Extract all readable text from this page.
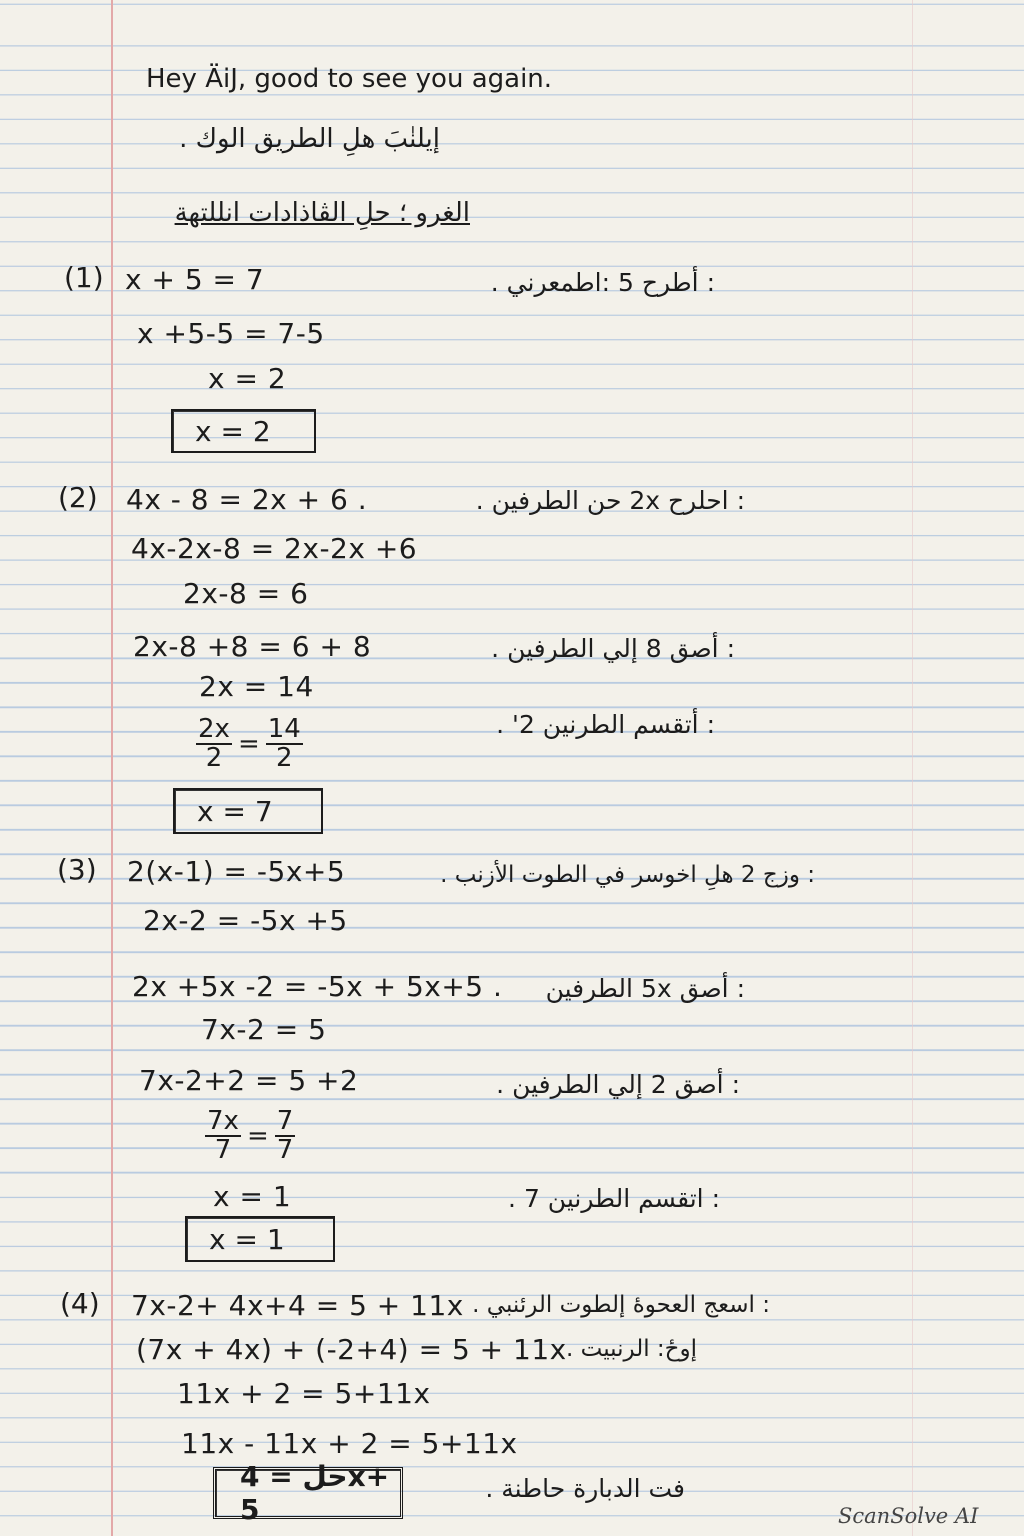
Hey ÄiJ, good to see you again.
إيلنٰبَ هلِ الطريق الوك .
الغرو ؛ حلِ الڤاذادات انللتهة
(1) x + 5 = 7	: أطرح 5 :اطمعرني .
x +5-5 = 7-5
x = 2
x = 2
(2) 4x - 8 = 2x + 6 .	: احلرح 2x حن الطرفين .
4x-2x-8 = 2x-2x +6
2x-8 = 6
2x-8 +8 = 6 + 8	: أصق 8 إلي الطرفين .
2x = 14
$\frac{2x}{2} = \frac{14}{2}$	: أتقسم الطرنين 2' .
x = 7
(3) 2(x-1) = -5x+5	: وزج 2 هلِ اخوسر في الطوت الأزنب .
2x-2 = -5x +5
2x +5x -2 = -5x + 5x+5 .	: أصق 5x الطرفين
7x-2 = 5
7x-2+2 = 5 +2	: أصق 2 إلي الطرفين .
$\frac{7x}{7} = \frac{7}{7}$
x = 1	: اتقسم الطرنين 7 .
x = 1
(4) 7x-2+ 4x+4 = 5 + 11x : اسعج العحوهٔ إلطوت الرئنبي .
(7x + 4x) + (-2+4) = 5 + 11x إوحٔ: الرنبيت .
11x + 2 = 5+11x
11x - 11x + 2 = 5+11x
حل = 4x+ 5
فت الدبارة حاطنة .
ScanSolve AI
